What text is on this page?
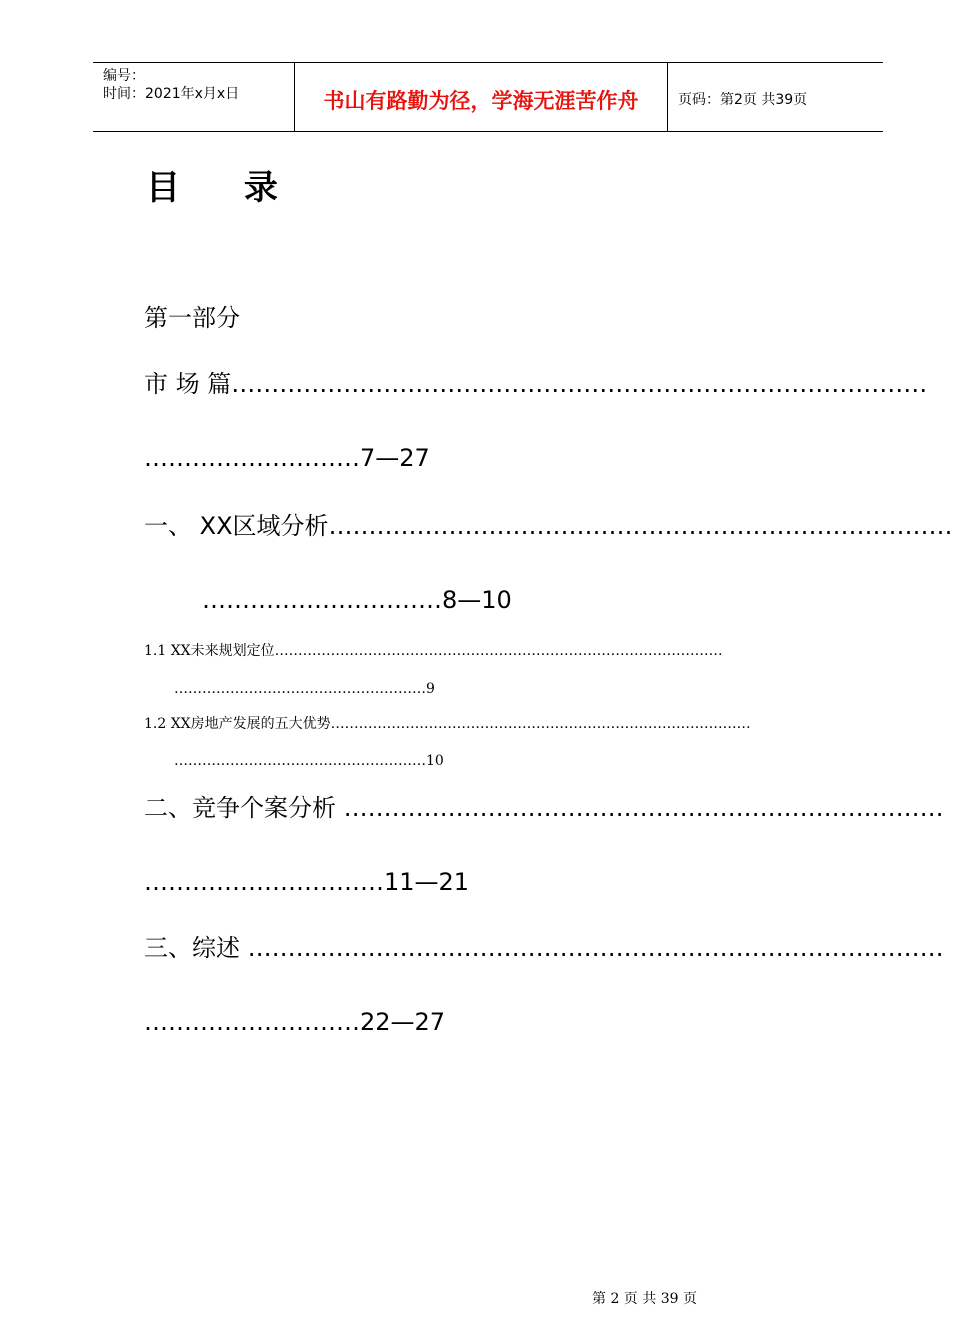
编号：
时间：2021年x月x日	书山有路勤为径，学海无涯苦作舟	页码：第2页 共39页
目 录
第一部分
市 场 篇……………………………………………………………………………
………………………7—27
一、 XX区域分析……………………………………………………………………
…………………………8—10
1.1 XX未来规划定位……………………………………………………………………………………
………………………………………………9
1.2 XX房地产发展的五大优势………………………………………………………………………………
………………………………………………10
二、竞争个案分析 …………………………………………………………………
…………………………11—21
三、综述 ……………………………………………………………………………
………………………22—27
第 2 页 共 39 页
